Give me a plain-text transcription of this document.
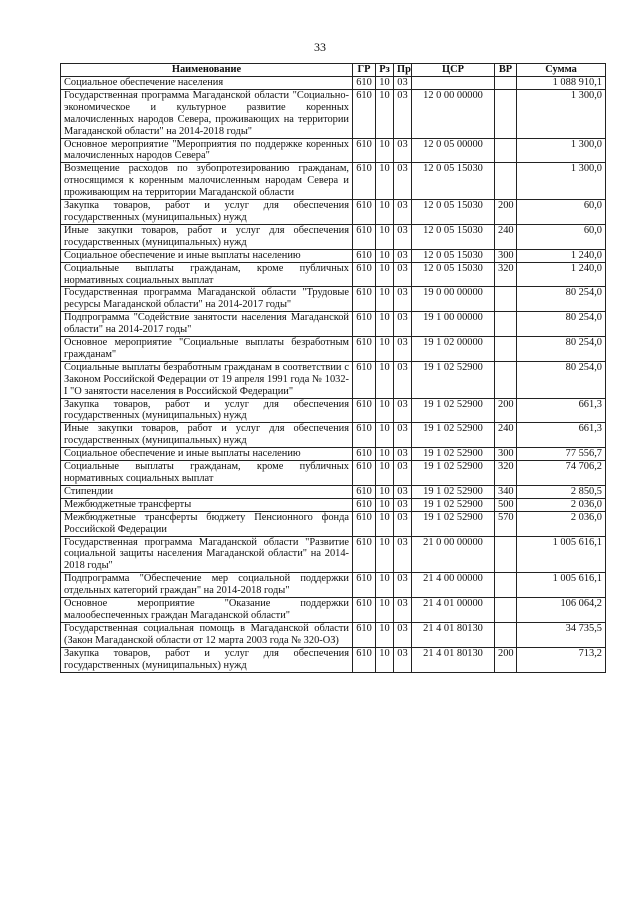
33
Наименование	ГР	Рз	Пр	ЦСР	ВР	Сумма
Социальное обеспечение населения	610	10	03			1 088 910,1
Государственная программа Магаданской области "Социально-экономическое и культурное развитие коренных малочисленных народов Севера, проживающих на территории Магаданской области" на 2014-2018 годы"	610	10	03	12 0 00 00000		1 300,0
Основное мероприятие "Мероприятия по поддержке коренных малочисленных народов Севера"	610	10	03	12 0 05 00000		1 300,0
Возмещение расходов по зубопротезированию гражданам, относящимся к коренным малочисленным народам Севера и проживающим на территории Магаданской области	610	10	03	12 0 05 15030		1 300,0
Закупка товаров, работ и услуг для обеспечения государственных (муниципальных) нужд	610	10	03	12 0 05 15030	200	60,0
Иные закупки товаров, работ и услуг для обеспечения государственных (муниципальных) нужд	610	10	03	12 0 05 15030	240	60,0
Социальное обеспечение и иные выплаты населению	610	10	03	12 0 05 15030	300	1 240,0
Социальные выплаты гражданам, кроме публичных нормативных социальных выплат	610	10	03	12 0 05 15030	320	1 240,0
Государственная программа Магаданской области "Трудовые ресурсы Магаданской области" на 2014-2017 годы"	610	10	03	19 0 00 00000		80 254,0
Подпрограмма "Содействие занятости населения Магаданской области" на 2014-2017 годы"	610	10	03	19 1 00 00000		80 254,0
Основное мероприятие "Социальные выплаты безработным гражданам"	610	10	03	19 1 02 00000		80 254,0
Социальные выплаты безработным гражданам в соответствии с Законом Российской Федерации от 19 апреля 1991 года № 1032-I "О занятости населения в Российской Федерации"	610	10	03	19 1 02 52900		80 254,0
Закупка товаров, работ и услуг для обеспечения государственных (муниципальных) нужд	610	10	03	19 1 02 52900	200	661,3
Иные закупки товаров, работ и услуг для обеспечения государственных (муниципальных) нужд	610	10	03	19 1 02 52900	240	661,3
Социальное обеспечение и иные выплаты населению	610	10	03	19 1 02 52900	300	77 556,7
Социальные выплаты гражданам, кроме публичных нормативных социальных выплат	610	10	03	19 1 02 52900	320	74 706,2
Стипендии	610	10	03	19 1 02 52900	340	2 850,5
Межбюджетные трансферты	610	10	03	19 1 02 52900	500	2 036,0
Межбюджетные трансферты бюджету Пенсионного фонда Российской Федерации	610	10	03	19 1 02 52900	570	2 036,0
Государственная программа Магаданской области "Развитие социальной защиты населения Магаданской области" на 2014-2018 годы"	610	10	03	21 0 00 00000		1 005 616,1
Подпрограмма "Обеспечение мер социальной поддержки отдельных категорий граждан" на 2014-2018 годы"	610	10	03	21 4 00 00000		1 005 616,1
Основное мероприятие "Оказание поддержки малообеспеченных граждан Магаданской области"	610	10	03	21 4 01 00000		106 064,2
Государственная социальная помощь в Магаданской области (Закон Магаданской области от 12 марта 2003 года № 320-ОЗ)	610	10	03	21 4 01 80130		34 735,5
Закупка товаров, работ и услуг для обеспечения государственных (муниципальных) нужд	610	10	03	21 4 01 80130	200	713,2
